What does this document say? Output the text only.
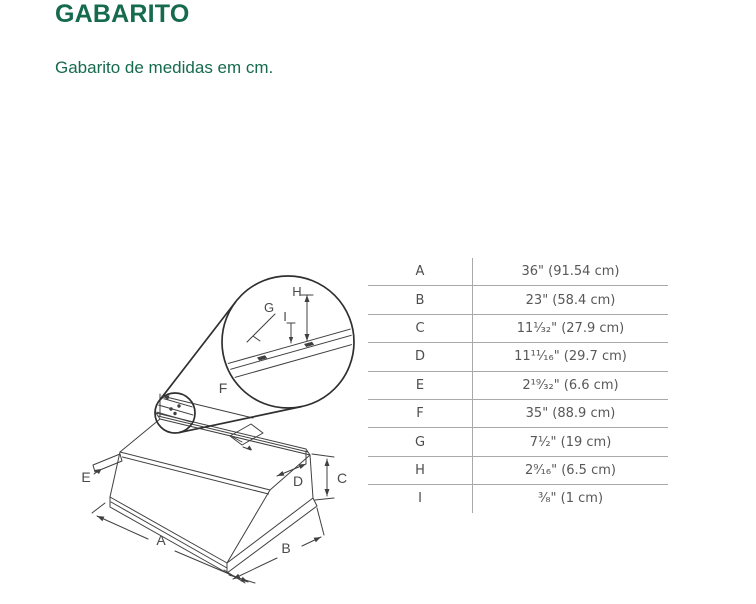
GABARITO
Gabarito de medidas em cm.
A	B
C
D
E
F
G
H
I
A	36" (91.54 cm)
B	23" (58.4 cm)
C	11¹⁄₃₂" (27.9 cm)
D	11¹¹⁄₁₆" (29.7 cm)
E	2¹⁹⁄₃₂" (6.6 cm)
F	35" (88.9 cm)
G	7¹⁄₂" (19 cm)
H	2⁹⁄₁₆" (6.5 cm)
I	³⁄₈" (1 cm)
